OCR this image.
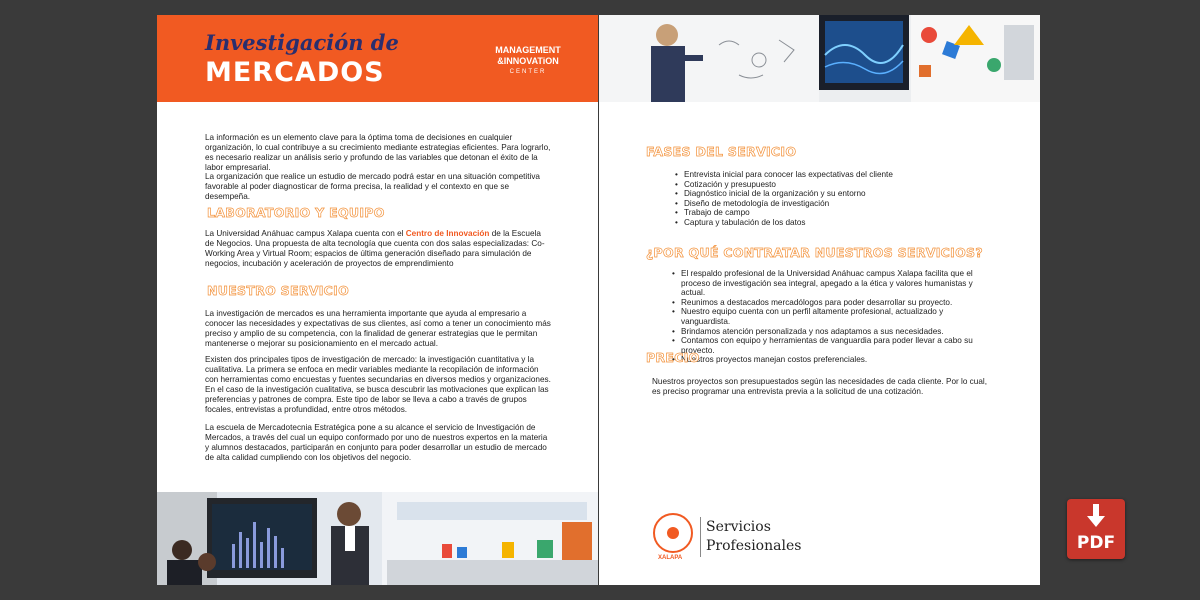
Investigación de
MERCADOS
MANAGEMENT
&INNOVATiON
CENTER

La información es un elemento clave para la óptima toma de decisiones en cualquier organización, lo cual contribuye a su crecimiento mediante estrategias eficientes. Para lograrlo, es necesario realizar un análisis serio y profundo de las variables que detonan el éxito de la labor empresarial.

La organización que realice un estudio de mercado podrá estar en una situación competitiva favorable al poder diagnosticar de forma precisa, la realidad y el contexto en que se desempeña.

LABORATORIO Y EQUIPO

La Universidad Anáhuac campus Xalapa cuenta con el Centro de Innovación de la Escuela de Negocios. Una propuesta de alta tecnología que cuenta con dos salas especializadas: Co-Working Area y Virtual Room; espacios de última generación diseñado para simulación de negocios, incubación y aceleración de proyectos de emprendimiento

NUESTRO SERVICIO

La investigación de mercados es una herramienta importante que ayuda al empresario a conocer las necesidades y expectativas de sus clientes, así como a tener un conocimiento más preciso y amplio de su competencia, con la finalidad de generar estrategias que le permitan mantenerse o mejorar su posicionamiento en el mercado actual.

Existen dos principales tipos de investigación de mercado: la investigación cuantitativa y la cualitativa. La primera se enfoca en medir variables mediante la recopilación de información con herramientas como encuestas y fuentes secundarias en diversos medios y organizaciones. En el caso de la investigación cualitativa, se busca descubrir las motivaciones que explican las preferencias y patrones de compra. Este tipo de labor se lleva a cabo a través de grupos focales, entrevistas a profundidad, entre otros métodos.

La escuela de Mercadotecnia Estratégica pone a su alcance el servicio de Investigación de Mercados, a través del cual un equipo conformado por uno de nuestros expertos en la materia y alumnos destacados, participarán en conjunto para poder desarrollar un estudio de mercado de alta calidad cumpliendo con los objetivos del negocio.

FASES DEL SERVICIO
• Entrevista inicial para conocer las expectativas del cliente
• Cotización y presupuesto
• Diagnóstico inicial de la organización y su entorno
• Diseño de metodología de investigación
• Trabajo de campo
• Captura y tabulación de los datos
¿POR QUÉ CONTRATAR NUESTROS SERVICIOS?
• El respaldo profesional de la Universidad Anáhuac campus Xalapa facilita que el proceso de investigación sea integral, apegado a la ética y valores humanistas y actual.
• Reunimos a destacados mercadólogos para poder desarrollar su proyecto.
• Nuestro equipo cuenta con un perfil altamente profesional, actualizado y vanguardista.
• Brindamos atención personalizada y nos adaptamos a sus necesidades.
• Contamos con equipo y herramientas de vanguardia para poder llevar a cabo su proyecto.
• Nuestros proyectos manejan costos preferenciales.
PRECIO

Nuestros proyectos son presupuestados según las necesidades de cada cliente. Por lo cual, es preciso programar una entrevista previa a la solicitud de una cotización.

XALAPA
Servicios
Profesionales	PDF
